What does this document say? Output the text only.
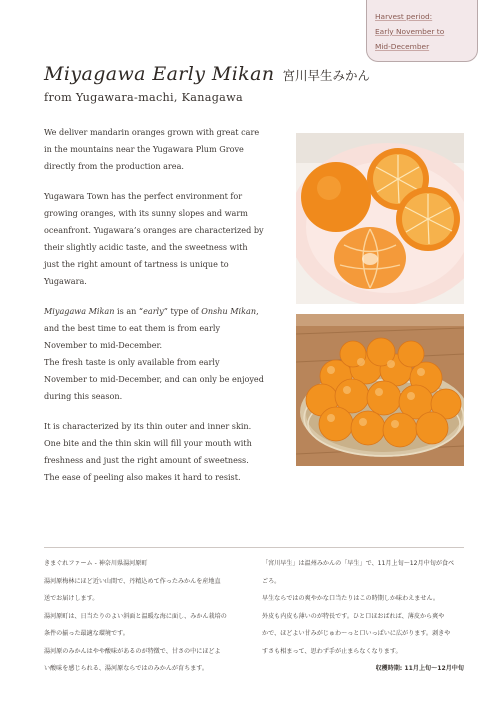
Harvest period:
Early November to
Mid-December
Miyagawa Early Mikan 宮川早生みかん
from Yugawara-machi, Kanagawa

We deliver mandarin oranges grown with great care in the mountains near the Yugawara Plum Grove directly from the production area.

Yugawara Town has the perfect environment for growing oranges, with its sunny slopes and warm oceanfront. Yugawara’s oranges are characterized by their slightly acidic taste, and the sweetness with just the right amount of tartness is unique to Yugawara.

Miyagawa Mikan is an “early” type of Onshu Mikan, and the best time to eat them is from early November to mid-December.

The fresh taste is only available from early November to mid-December, and can only be enjoyed during this season.

It is characterized by its thin outer and inner skin. One bite and the thin skin will fill your mouth with freshness and just the right amount of sweetness. The ease of peeling also makes it hard to resist.

きまぐれファーム - 神奈川県湯河原町
湯河原梅林にほど近い山間で、丹精込めて作ったみかんを産地直
送でお届けします。
湯河原町は、日当たりのよい斜面と温暖な海に面し、みかん栽培の
条件の揃った最適な環境です。
湯河原のみかんはやや酸味があるのが特徴で、甘さの中にほどよ
い酸味を感じられる、湯河原ならではのみかんが育ちます。
「宮川早生」は温州みかんの「早生」で、11月上旬〜12月中旬が食べ
ごろ。
早生ならではの爽やかな口当たりはこの時期しか味わえません。
外皮も内皮も薄いのが特長です。ひと口ほおばれば、薄皮から爽や
かで、ほどよい甘みがじゅわ〜っと口いっぱいに広がります。剥きや
すさも相まって、思わず手が止まらなくなります。
収穫時期: 11月上旬〜12月中旬
